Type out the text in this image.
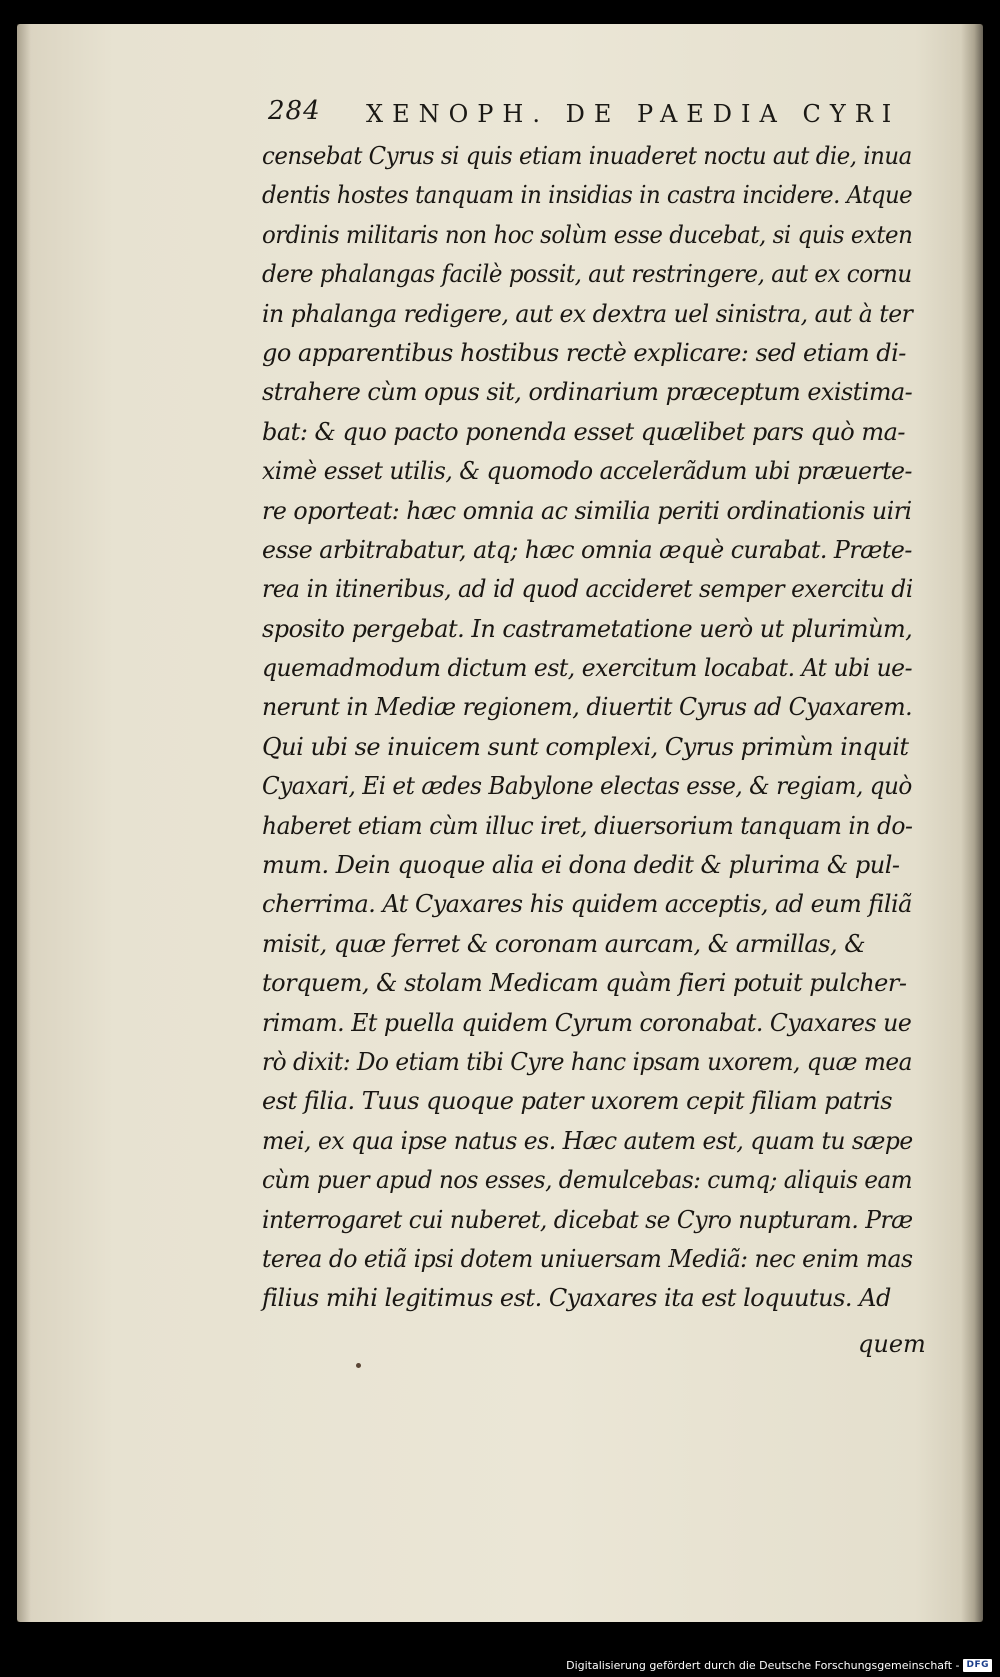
284 XENOPH. DE PAEDIA CYRI
censebat Cyrus si quis etiam inuaderet noctu aut die, inua
dentis hostes tanquam in insidias in castra incidere. Atque
ordinis militaris non hoc solùm esse ducebat, si quis exten
dere phalangas facilè possit, aut restringere, aut ex cornu
in phalanga redigere, aut ex dextra uel sinistra, aut à ter
go apparentibus hostibus rectè explicare: sed etiam di-
strahere cùm opus sit, ordinarium præceptum existima-
bat: & quo pacto ponenda esset quælibet pars quò ma-
ximè esset utilis, & quomodo accelerãdum ubi præuerte-
re oporteat: hæc omnia ac similia periti ordinationis uiri
esse arbitrabatur, atq; hæc omnia æquè curabat. Præte-
rea in itineribus, ad id quod accideret semper exercitu di
sposito pergebat. In castrametatione uerò ut plurimùm,
quemadmodum dictum est, exercitum locabat. At ubi ue-
nerunt in Mediæ regionem, diuertit Cyrus ad Cyaxarem.
Qui ubi se inuicem sunt complexi, Cyrus primùm inquit
Cyaxari, Ei et ædes Babylone electas esse, & regiam, quò
haberet etiam cùm illuc iret, diuersorium tanquam in do-
mum. Dein quoque alia ei dona dedit & plurima & pul-
cherrima. At Cyaxares his quidem acceptis, ad eum filiã
misit, quæ ferret & coronam aurcam, & armillas, &
torquem, & stolam Medicam quàm fieri potuit pulcher-
rimam. Et puella quidem Cyrum coronabat. Cyaxares ue
rò dixit: Do etiam tibi Cyre hanc ipsam uxorem, quæ mea
est filia. Tuus quoque pater uxorem cepit filiam patris
mei, ex qua ipse natus es. Hæc autem est, quam tu sæpe
cùm puer apud nos esses, demulcebas: cumq; aliquis eam
interrogaret cui nuberet, dicebat se Cyro nupturam. Præ
terea do etiã ipsi dotem uniuersam Mediã: nec enim mas
filius mihi legitimus est. Cyaxares ita est loquutus. Ad
quem
Digitalisierung gefördert durch die Deutsche Forschungsgemeinschaft - DFG
